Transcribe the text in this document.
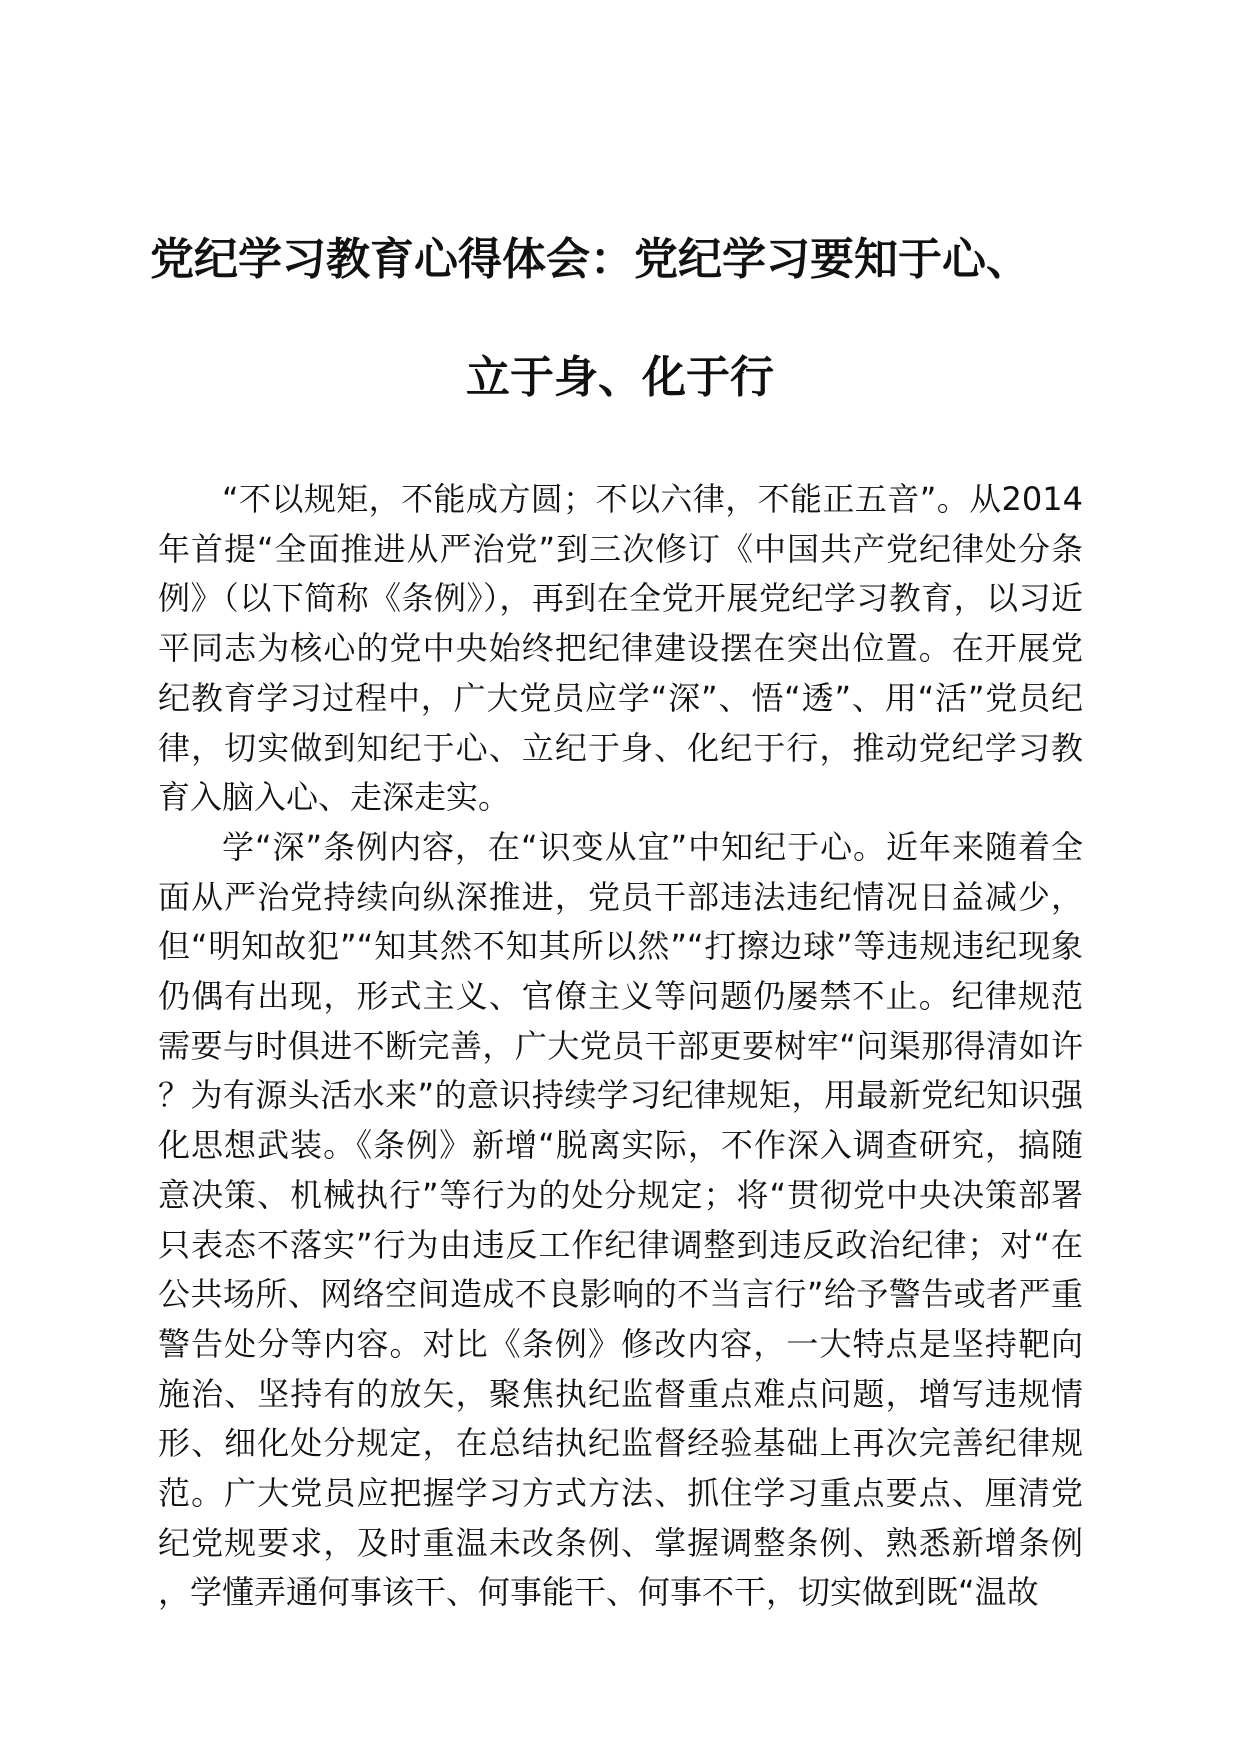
党纪学习教育心得体会：党纪学习要知于心、
立于身、化于行

“不以规矩，不能成方圆；不以六律，不能正五音”。从2014年首提“全面推进从严治党”到三次修订《中国共产党纪律处分条例》（以下简称《条例》），再到在全党开展党纪学习教育，以习近平同志为核心的党中央始终把纪律建设摆在突出位置。在开展党纪教育学习过程中，广大党员应学“深”、悟“透”、用“活”党员纪律，切实做到知纪于心、立纪于身、化纪于行，推动党纪学习教育入脑入心、走深走实。

学“深”条例内容，在“识变从宜”中知纪于心。近年来随着全面从严治党持续向纵深推进，党员干部违法违纪情况日益减少，但“明知故犯”“知其然不知其所以然”“打擦边球”等违规违纪现象仍偶有出现，形式主义、官僚主义等问题仍屡禁不止。纪律规范需要与时俱进不断完善，广大党员干部更要树牢“问渠那得清如许？为有源头活水来”的意识持续学习纪律规矩，用最新党纪知识强化思想武装。《条例》新增“脱离实际，不作深入调查研究，搞随意决策、机械执行”等行为的处分规定；将“贯彻党中央决策部署只表态不落实”行为由违反工作纪律调整到违反政治纪律；对“在公共场所、网络空间造成不良影响的不当言行”给予警告或者严重警告处分等内容。对比《条例》修改内容，一大特点是坚持靶向施治、坚持有的放矢，聚焦执纪监督重点难点问题，增写违规情形、细化处分规定，在总结执纪监督经验基础上再次完善纪律规范。广大党员应把握学习方式方法、抓住学习重点要点、厘清党纪党规要求，及时重温未改条例、掌握调整条例、熟悉新增条例，学懂弄通何事该干、何事能干、何事不干，切实做到既“温故
